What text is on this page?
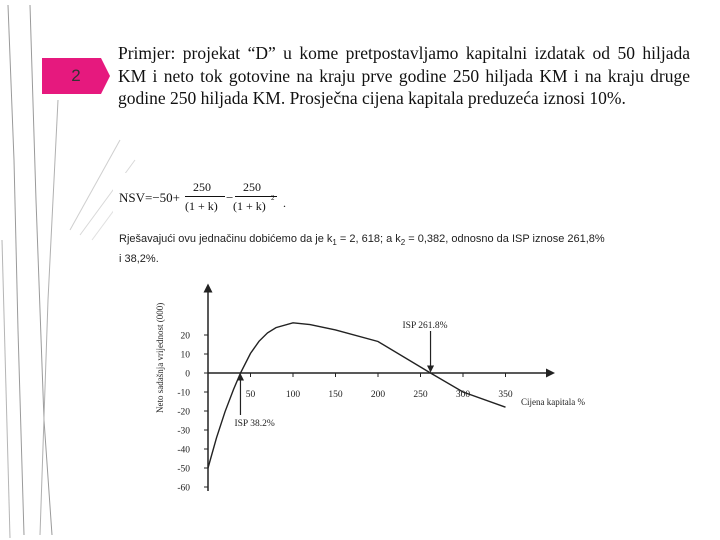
2
Primjer: projekat “D” u kome pretpostavljamo kapitalni izdatak od 50 hiljada KM i neto tok gotovine na kraju prve godine 250 hiljada KM i na kraju druge godine 250 hiljada KM. Prosječna cijena kapitala preduzeća iznosi 10%.
NSV=−50+
250
(1 + k)
−
250
(1 + k)
2 .
Rješavajući ovu jednačinu dobićemo da je $k_1 = 2$, 618; a $k_2 = 0,382$, odnosno da ISP iznose 261,8% i 38,2%.
50	100	150	200	250	300	350
20
10
0
-10
-20
-30
-40
-50
-60
ISP 261.8%
ISP 38.2%
Neto sadašnja vrijednost (000)	Cijena kapitala %
